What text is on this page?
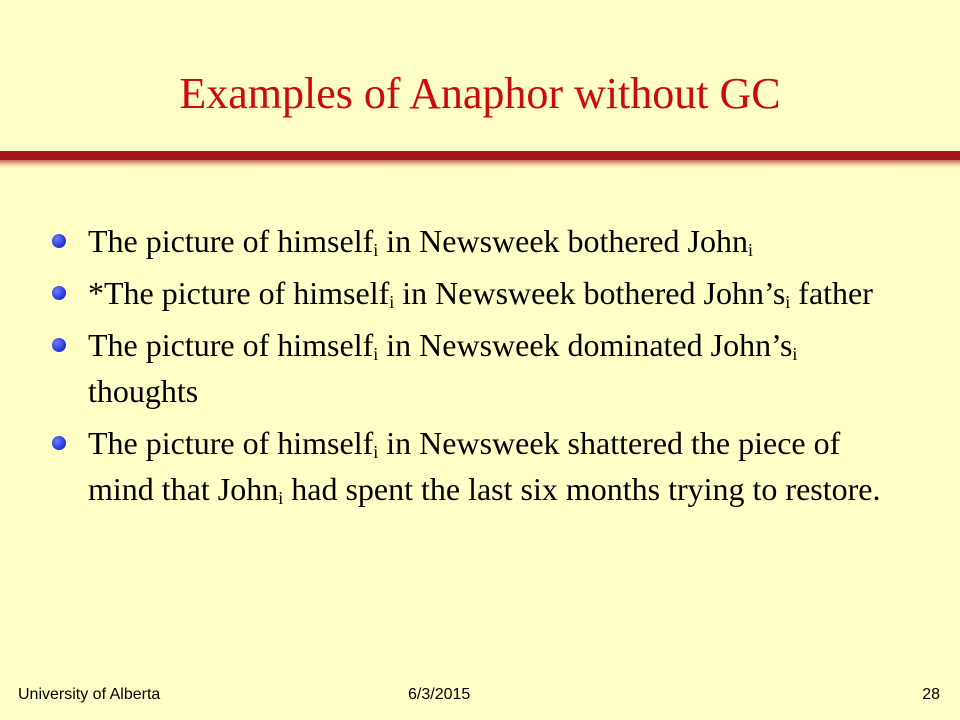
Examples of Anaphor without GC
The picture of himself$_i$ in Newsweek bothered John$_i$
*The picture of himself$_i$ in Newsweek bothered $John’s_i$ father
The picture of himself$_i$ in Newsweek dominated $John’s_i$ thoughts
The picture of himself$_i$ in Newsweek shattered the piece of mind that John$_i$ had spent the last six months trying to restore.
University of Alberta	6/3/2015	28
